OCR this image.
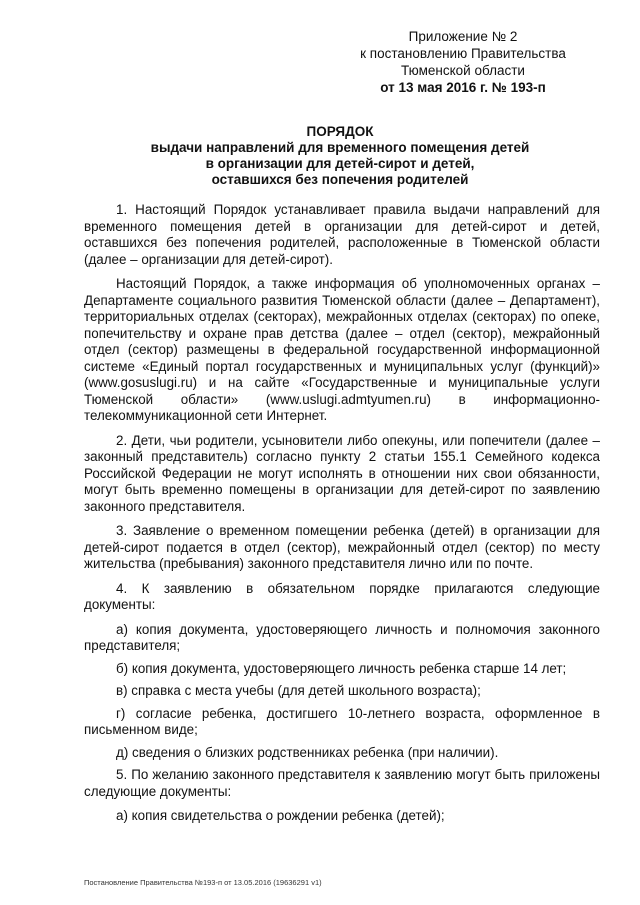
Приложение № 2
к постановлению Правительства
Тюменской области
от 13 мая 2016 г. № 193-п
ПОРЯДОК
выдачи направлений для временного помещения детей
в организации для детей-сирот и детей,
оставшихся без попечения родителей

1. Настоящий Порядок устанавливает правила выдачи направлений для временного помещения детей в организации для детей-сирот и детей, оставшихся без попечения родителей, расположенные в Тюменской области (далее – организации для детей-сирот).

Настоящий Порядок, а также информация об уполномоченных органах – Департаменте социального развития Тюменской области (далее – Департамент), территориальных отделах (секторах), межрайонных отделах (секторах) по опеке, попечительству и охране прав детства (далее – отдел (сектор), межрайонный отдел (сектор) размещены в федеральной государственной информационной системе «Единый портал государственных и муниципальных услуг (функций)» (www.gosuslugi.ru) и на сайте «Государственные и муниципальные услуги Тюменской области» (www.uslugi.admtyumen.ru) в информационно-телекоммуникационной сети Интернет.

2. Дети, чьи родители, усыновители либо опекуны, или попечители (далее – законный представитель) согласно пункту 2 статьи 155.1 Семейного кодекса Российской Федерации не могут исполнять в отношении них свои обязанности, могут быть временно помещены в организации для детей-сирот по заявлению законного представителя.

3. Заявление о временном помещении ребенка (детей) в организации для детей-сирот подается в отдел (сектор), межрайонный отдел (сектор) по месту жительства (пребывания) законного представителя лично или по почте.

4. К заявлению в обязательном порядке прилагаются следующие документы:

а) копия документа, удостоверяющего личность и полномочия законного представителя;

б) копия документа, удостоверяющего личность ребенка старше 14 лет;

в) справка с места учебы (для детей школьного возраста);

г) согласие ребенка, достигшего 10-летнего возраста, оформленное в письменном виде;

д) сведения о близких родственниках ребенка (при наличии).

5. По желанию законного представителя к заявлению могут быть приложены следующие документы:

а) копия свидетельства о рождении ребенка (детей);

Постановление Правительства №193-п от 13.05.2016 (19636291 v1)
